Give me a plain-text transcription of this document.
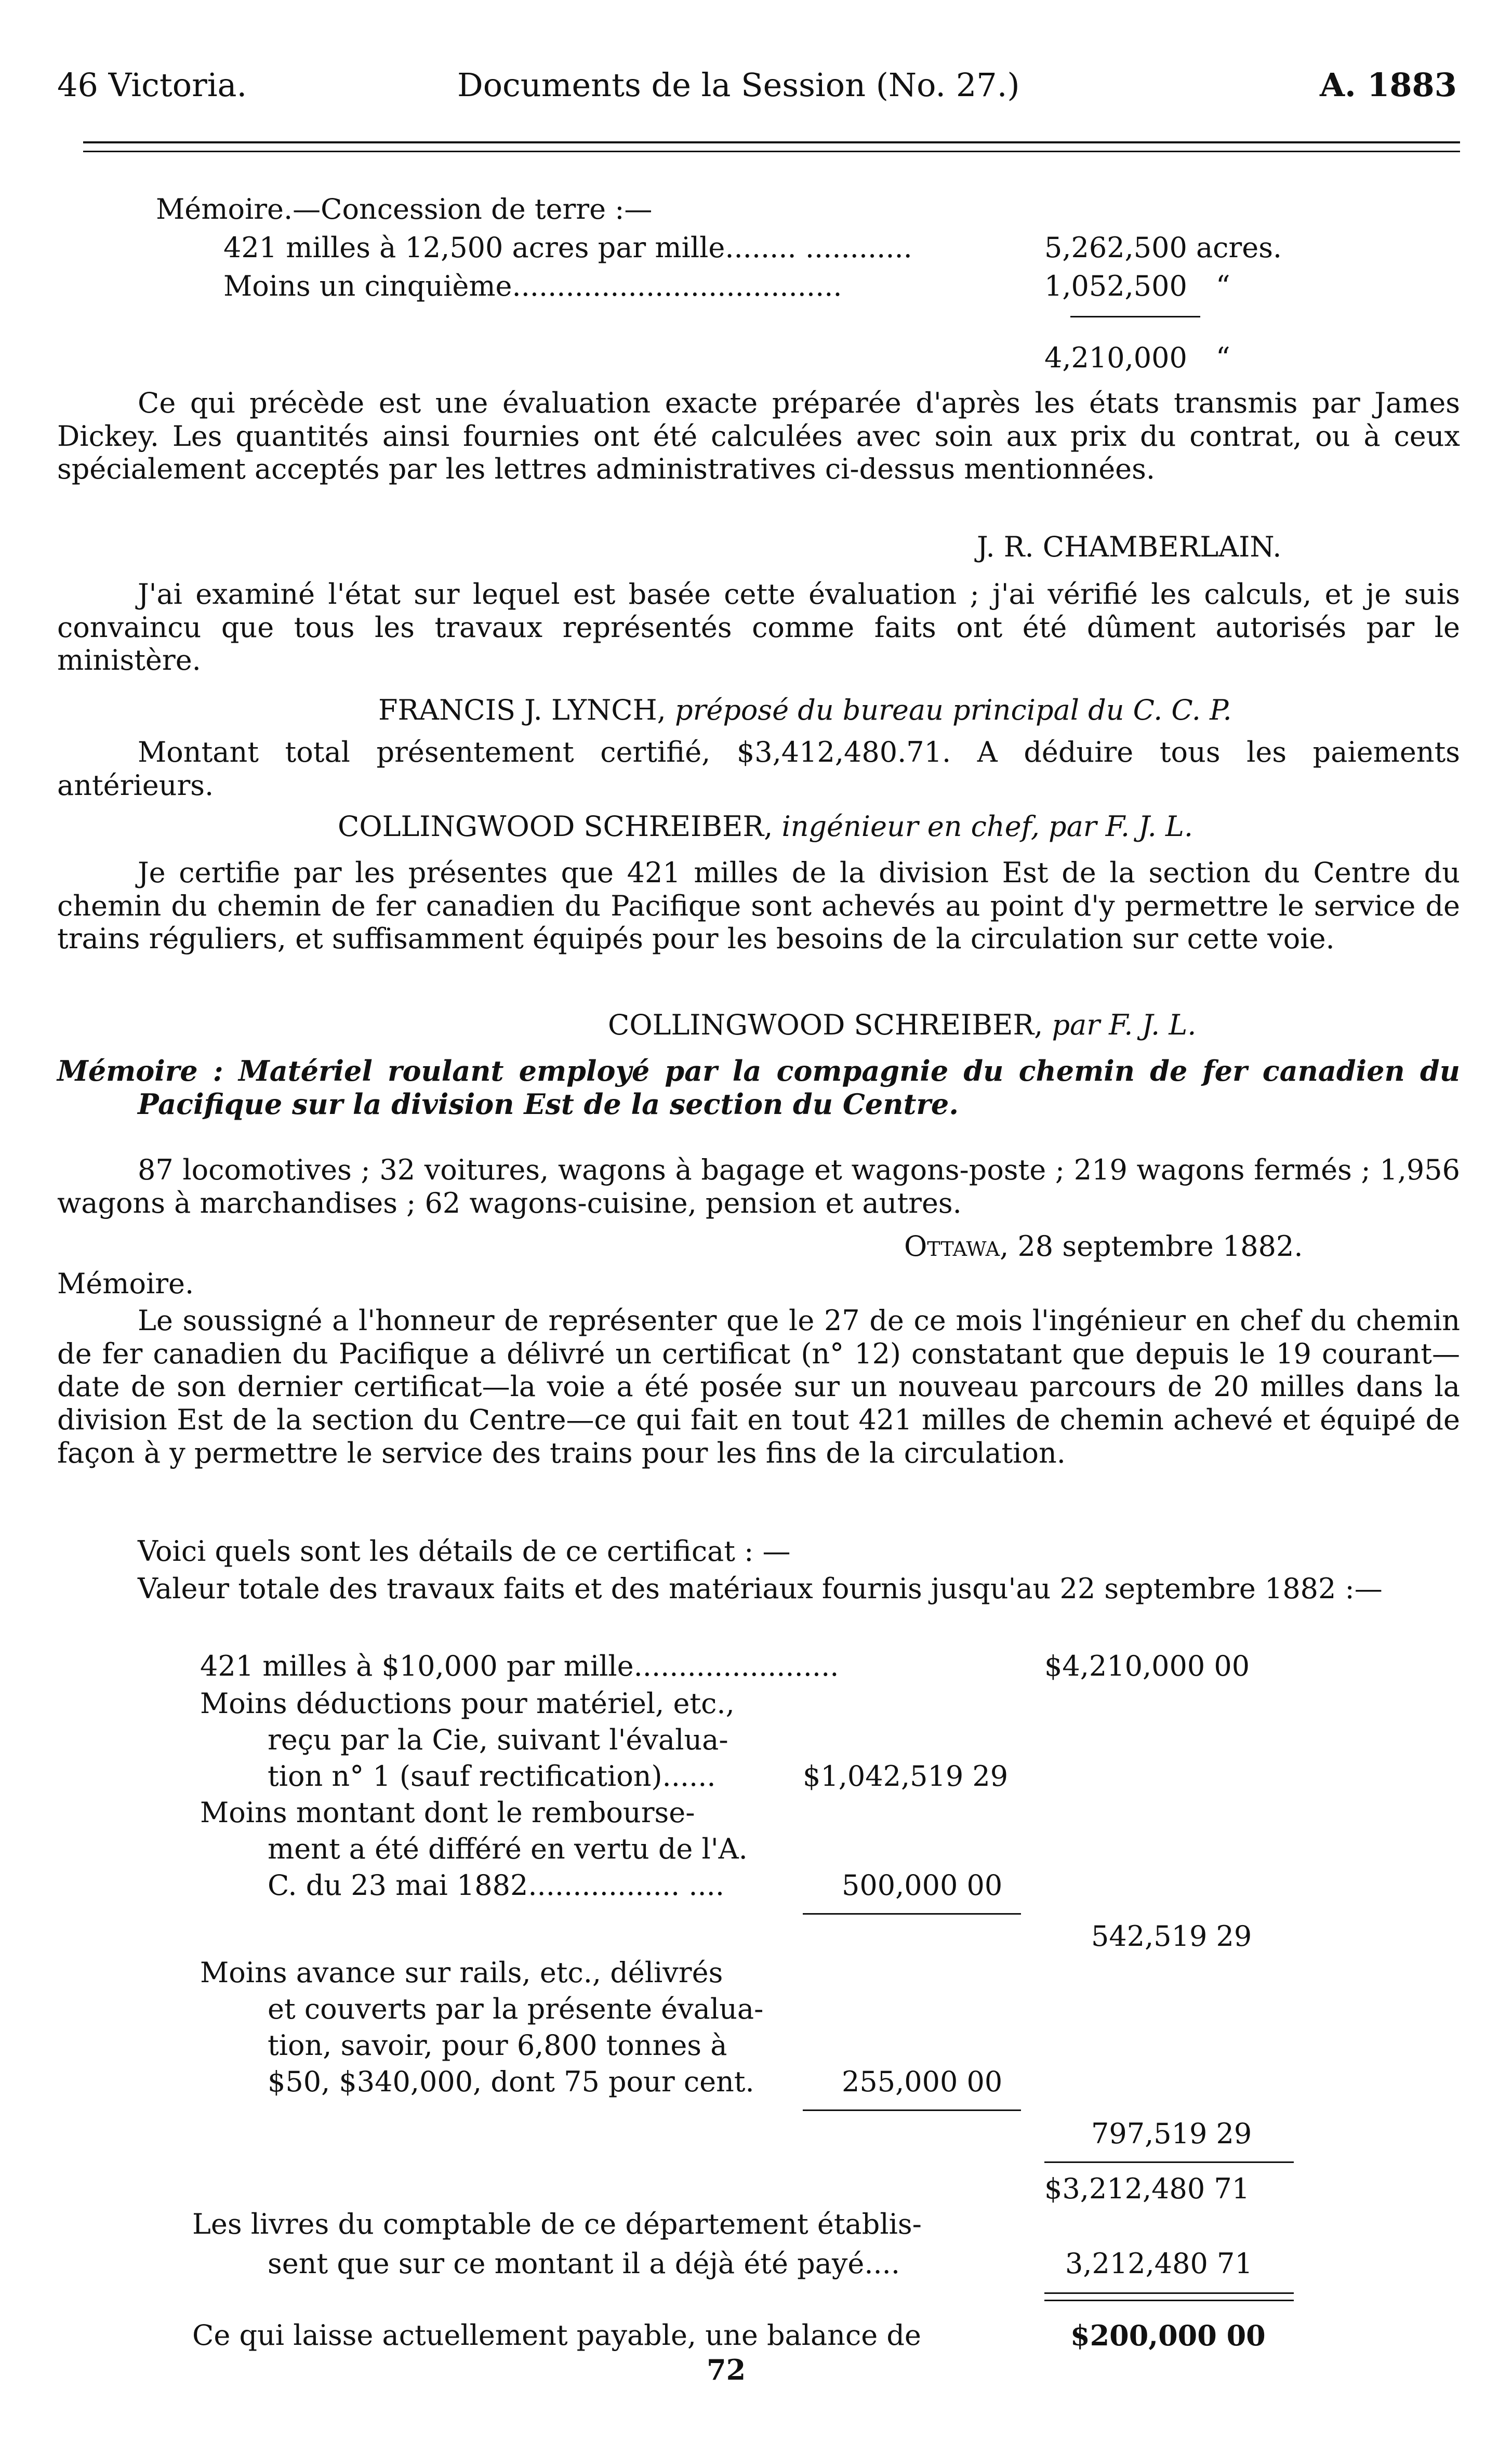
46 Victoria.	Documents de la Session (No. 27.)	A. 1883
Mémoire.—Concession de terre :—
421 milles à 12,500 acres par mille........ ............	5,262,500 acres.
Moins un cinquième.....................................	1,052,500 “
4,210,000 “
Ce qui précède est une évaluation exacte préparée d'après les états transmis par James Dickey. Les quantités ainsi fournies ont été calculées avec soin aux prix du contrat, ou à ceux spécialement acceptés par les lettres administratives ci-dessus mentionnées.
J. R. CHAMBERLAIN.
J'ai examiné l'état sur lequel est basée cette évaluation ; j'ai vérifié les calculs, et je suis convaincu que tous les travaux représentés comme faits ont été dûment autorisés par le ministère.
FRANCIS J. LYNCH, préposé du bureau principal du C. C. P.
Montant total présentement certifié, $3,412,480.71. A déduire tous les paiements antérieurs.
COLLINGWOOD SCHREIBER, ingénieur en chef, par F. J. L.
Je certifie par les présentes que 421 milles de la division Est de la section du Centre du chemin du chemin de fer canadien du Pacifique sont achevés au point d'y permettre le service de trains réguliers, et suffisamment équipés pour les besoins de la circulation sur cette voie.
COLLINGWOOD SCHREIBER, par F. J. L.
Mémoire : Matériel roulant employé par la compagnie du chemin de fer canadien du Pacifique sur la division Est de la section du Centre.
87 locomotives ; 32 voitures, wagons à bagage et wagons-poste ; 219 wagons fermés ; 1,956 wagons à marchandises ; 62 wagons-cuisine, pension et autres.
Ottawa, 28 septembre 1882.
Mémoire.
Le soussigné a l'honneur de représenter que le 27 de ce mois l'ingénieur en chef du chemin de fer canadien du Pacifique a délivré un certificat (n° 12) constatant que depuis le 19 courant—date de son dernier certificat—la voie a été posée sur un nouveau parcours de 20 milles dans la division Est de la section du Centre—ce qui fait en tout 421 milles de chemin achevé et équipé de façon à y permettre le service des trains pour les fins de la circulation.
Voici quels sont les détails de ce certificat : —
Valeur totale des travaux faits et des matériaux fournis jusqu'au 22 septembre 1882 :—
421 milles à $10,000 par mille.......................	$4,210,000 00
Moins déductions pour matériel, etc.,
reçu par la Cie, suivant l'évalua-
tion n° 1 (sauf rectification)......	$1,042,519 29
Moins montant dont le rembourse-
ment a été différé en vertu de l'A.
C. du 23 mai 1882................. ....	500,000 00
542,519 29
Moins avance sur rails, etc., délivrés
et couverts par la présente évalua-
tion, savoir, pour 6,800 tonnes à
$50, $340,000, dont 75 pour cent.	255,000 00
797,519 29
$3,212,480 71
Les livres du comptable de ce département établis-
sent que sur ce montant il a déjà été payé....	3,212,480 71
Ce qui laisse actuellement payable, une balance de	$200,000 00
72
